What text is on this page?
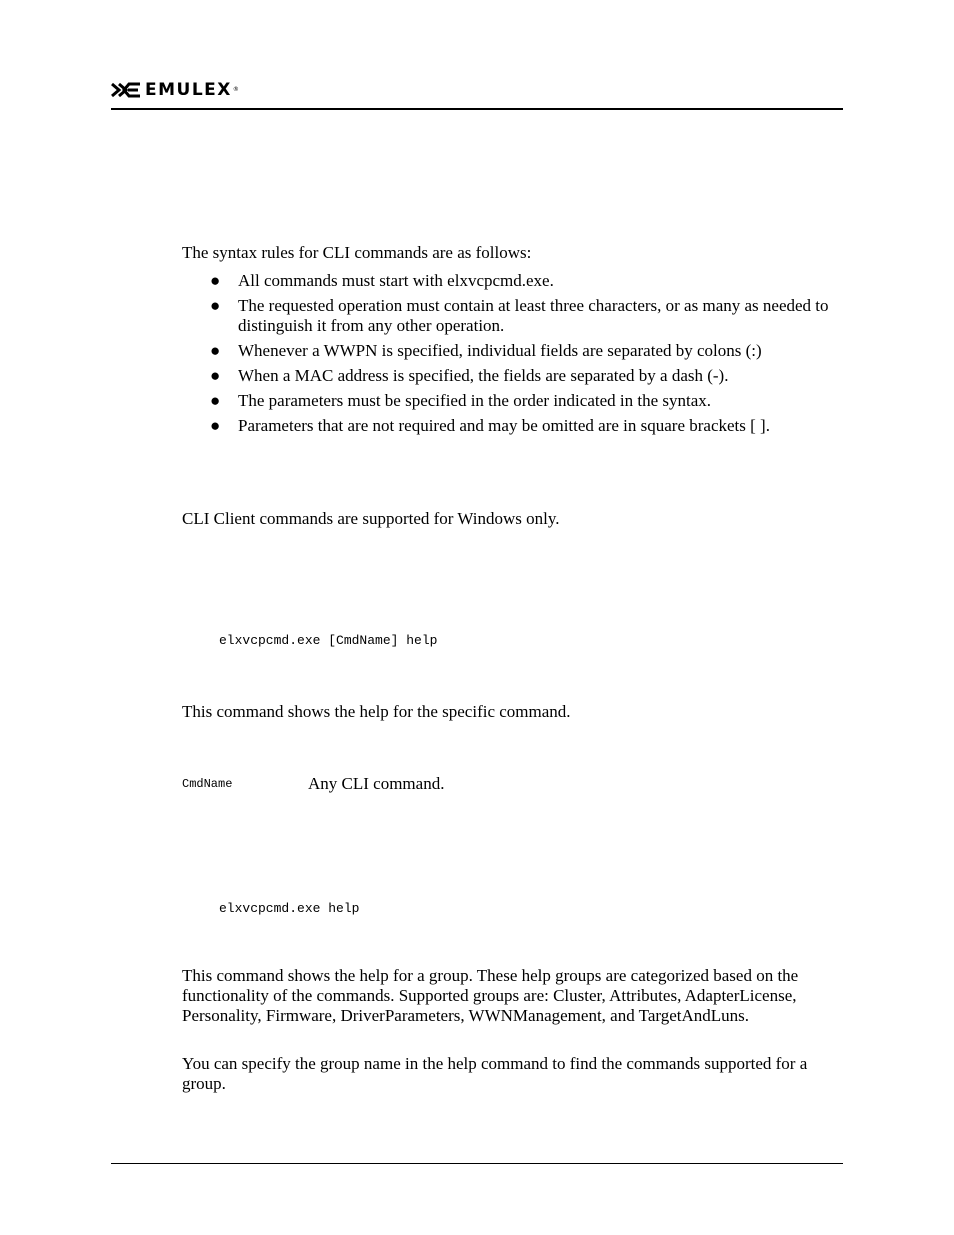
EMULEX ®
The syntax rules for CLI commands are as follows:
● All commands must start with elxvcpcmd.exe.
● The requested operation must contain at least three characters, or as many as needed to distinguish it from any other operation.
● Whenever a WWPN is specified, individual fields are separated by colons (:)
● When a MAC address is specified, the fields are separated by a dash (-).
● The parameters must be specified in the order indicated in the syntax.
● Parameters that are not required and may be omitted are in square brackets [ ].
CLI Client commands are supported for Windows only.
elxvcpcmd.exe [CmdName] help
This command shows the help for the specific command.
CmdName	Any CLI command.
elxvcpcmd.exe help
This command shows the help for a group. These help groups are categorized based on the functionality of the commands. Supported groups are: Cluster, Attributes, AdapterLicense, Personality, Firmware, DriverParameters, WWNManagement, and TargetAndLuns.
You can specify the group name in the help command to find the commands supported for a group.
